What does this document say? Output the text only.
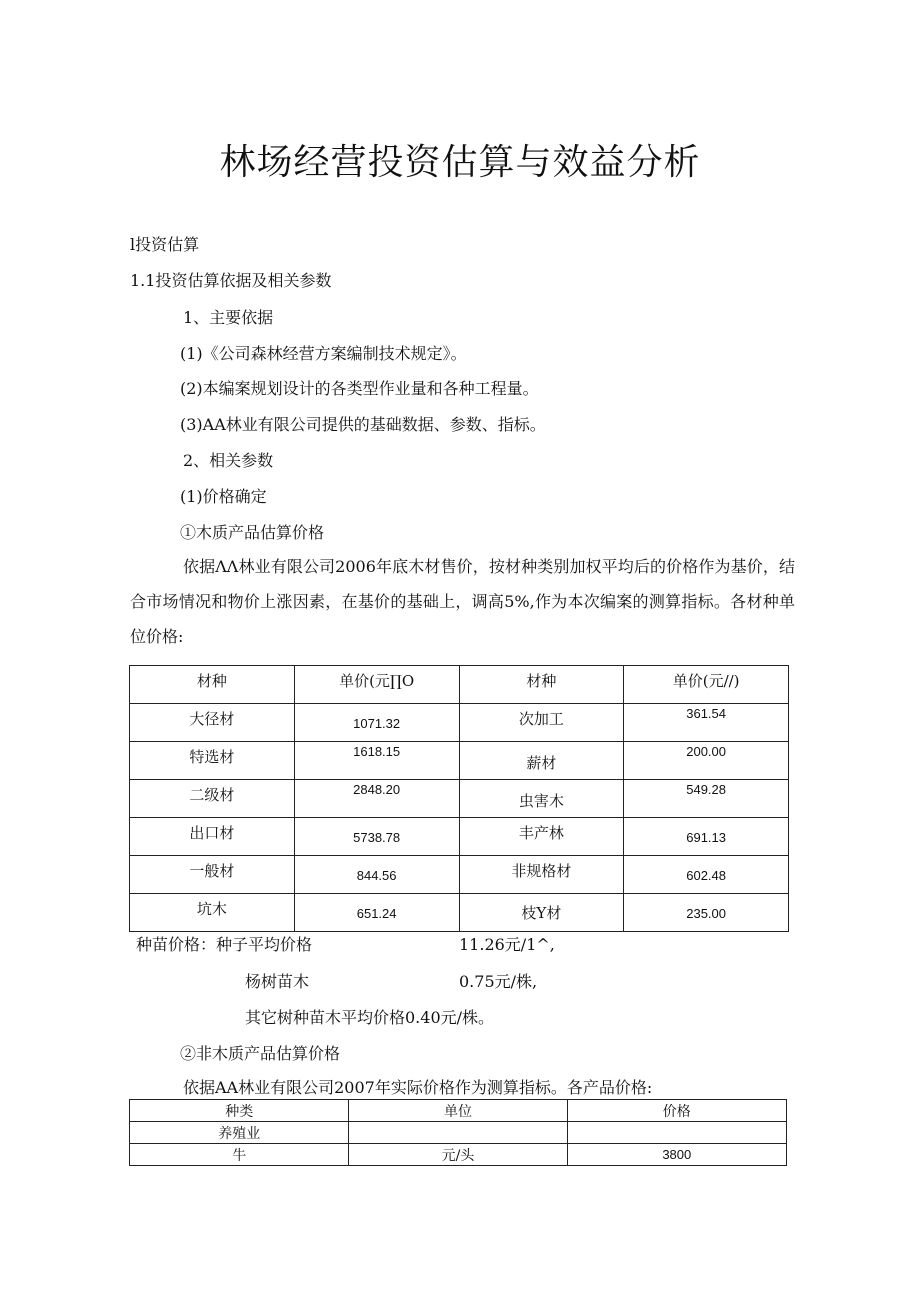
林场经营投资估算与效益分析
l投资估算
1.1投资估算依据及相关参数
1、主要依据
(1)《公司森林经营方案编制技术规定》。
(2)本编案规划设计的各类型作业量和各种工程量。
(3)AA林业有限公司提供的基础数据、参数、指标。
2、相关参数
(1)价格确定
①木质产品估算价格

依据ΛΛ林业有限公司2006年底木材售价，按材种类别加权平均后的价格作为基价，结合市场情况和物价上涨因素，在基价的基础上，调高5%,作为本次编案的测算指标。各材种单位价格:

材种	单价(元∏O	材种	单价(元//)

大径材	1071.32	次加工	361.54

特选材	1618.15	薪材	200.00

二级材	2848.20	虫害木	549.28

出口材	5738.78	丰产林	691.13

一般材	844.56	非规格材	602.48

坑木	651.24	枝Y材	235.00
种苗价格：种子平均价格	11.26元/1^,
杨树苗木	0.75元/株,
其它树种苗木平均价格0.40元/株。
②非木质产品估算价格
依据AA林业有限公司2007年实际价格作为测算指标。各产品价格:
种类	单位	价格
养殖业		
牛	元/头	3800
